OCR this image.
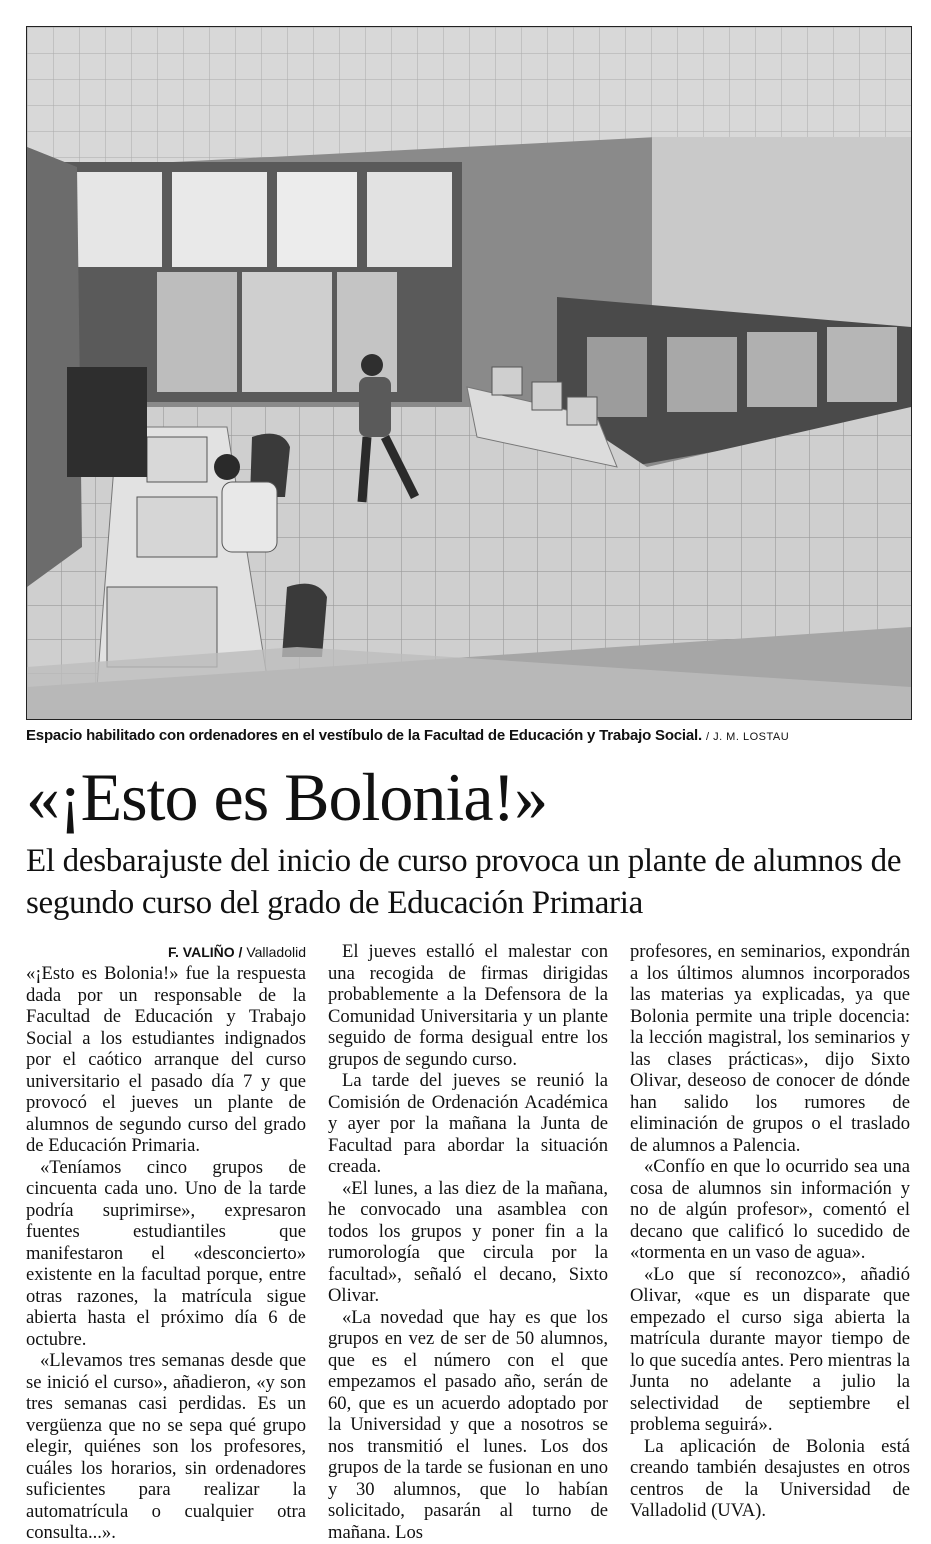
Espacio habilitado con ordenadores en el vestíbulo de la Facultad de Educación y Trabajo Social. / J. M. LOSTAU
«¡Esto es Bolonia!»
El desbarajuste del inicio de curso provoca un plante de alumnos de segundo curso del grado de Educación Primaria
F. VALIÑO / Valladolid

«¡Esto es Bolonia!» fue la respuesta dada por un responsable de la Facultad de Educación y Trabajo Social a los estudiantes indignados por el caótico arranque del curso universitario el pasado día 7 y que provocó el jueves un plante de alumnos de segundo curso del grado de Educación Primaria.

«Teníamos cinco grupos de cincuenta cada uno. Uno de la tarde podría suprimirse», expresaron fuentes estudiantiles que manifestaron el «desconcierto» existente en la facultad porque, entre otras razones, la matrícula sigue abierta hasta el próximo día 6 de octubre.

«Llevamos tres semanas desde que se inició el curso», añadieron, «y son tres semanas casi perdidas. Es un vergüenza que no se sepa qué grupo elegir, quiénes son los profesores, cuáles los horarios, sin ordenadores suficientes para realizar la automatrícula o cualquier otra consulta...».

El jueves estalló el malestar con una recogida de firmas dirigidas probablemente a la Defensora de la Comunidad Universitaria y un plante seguido de forma desigual entre los grupos de segundo curso.

La tarde del jueves se reunió la Comisión de Ordenación Académica y ayer por la mañana la Junta de Facultad para abordar la situación creada.

«El lunes, a las diez de la mañana, he convocado una asamblea con todos los grupos y poner fin a la rumorología que circula por la facultad», señaló el decano, Sixto Olivar.

«La novedad que hay es que los grupos en vez de ser de 50 alumnos, que es el número con el que empezamos el pasado año, serán de 60, que es un acuerdo adoptado por la Universidad y que a nosotros se nos transmitió el lunes. Los dos grupos de la tarde se fusionan en uno y 30 alumnos, que lo habían solicitado, pasarán al turno de mañana. Los

profesores, en seminarios, expondrán a los últimos alumnos incorporados las materias ya explicadas, ya que Bolonia permite una triple docencia: la lección magistral, los seminarios y las clases prácticas», dijo Sixto Olivar, deseoso de conocer de dónde han salido los rumores de eliminación de grupos o el traslado de alumnos a Palencia.

«Confío en que lo ocurrido sea una cosa de alumnos sin información y no de algún profesor», comentó el decano que calificó lo sucedido de «tormenta en un vaso de agua».

«Lo que sí reconozco», añadió Olivar, «que es un disparate que empezado el curso siga abierta la matrícula durante mayor tiempo de lo que sucedía antes. Pero mientras la Junta no adelante a julio la selectividad de septiembre el problema seguirá».

La aplicación de Bolonia está creando también desajustes en otros centros de la Universidad de Valladolid (UVA).
